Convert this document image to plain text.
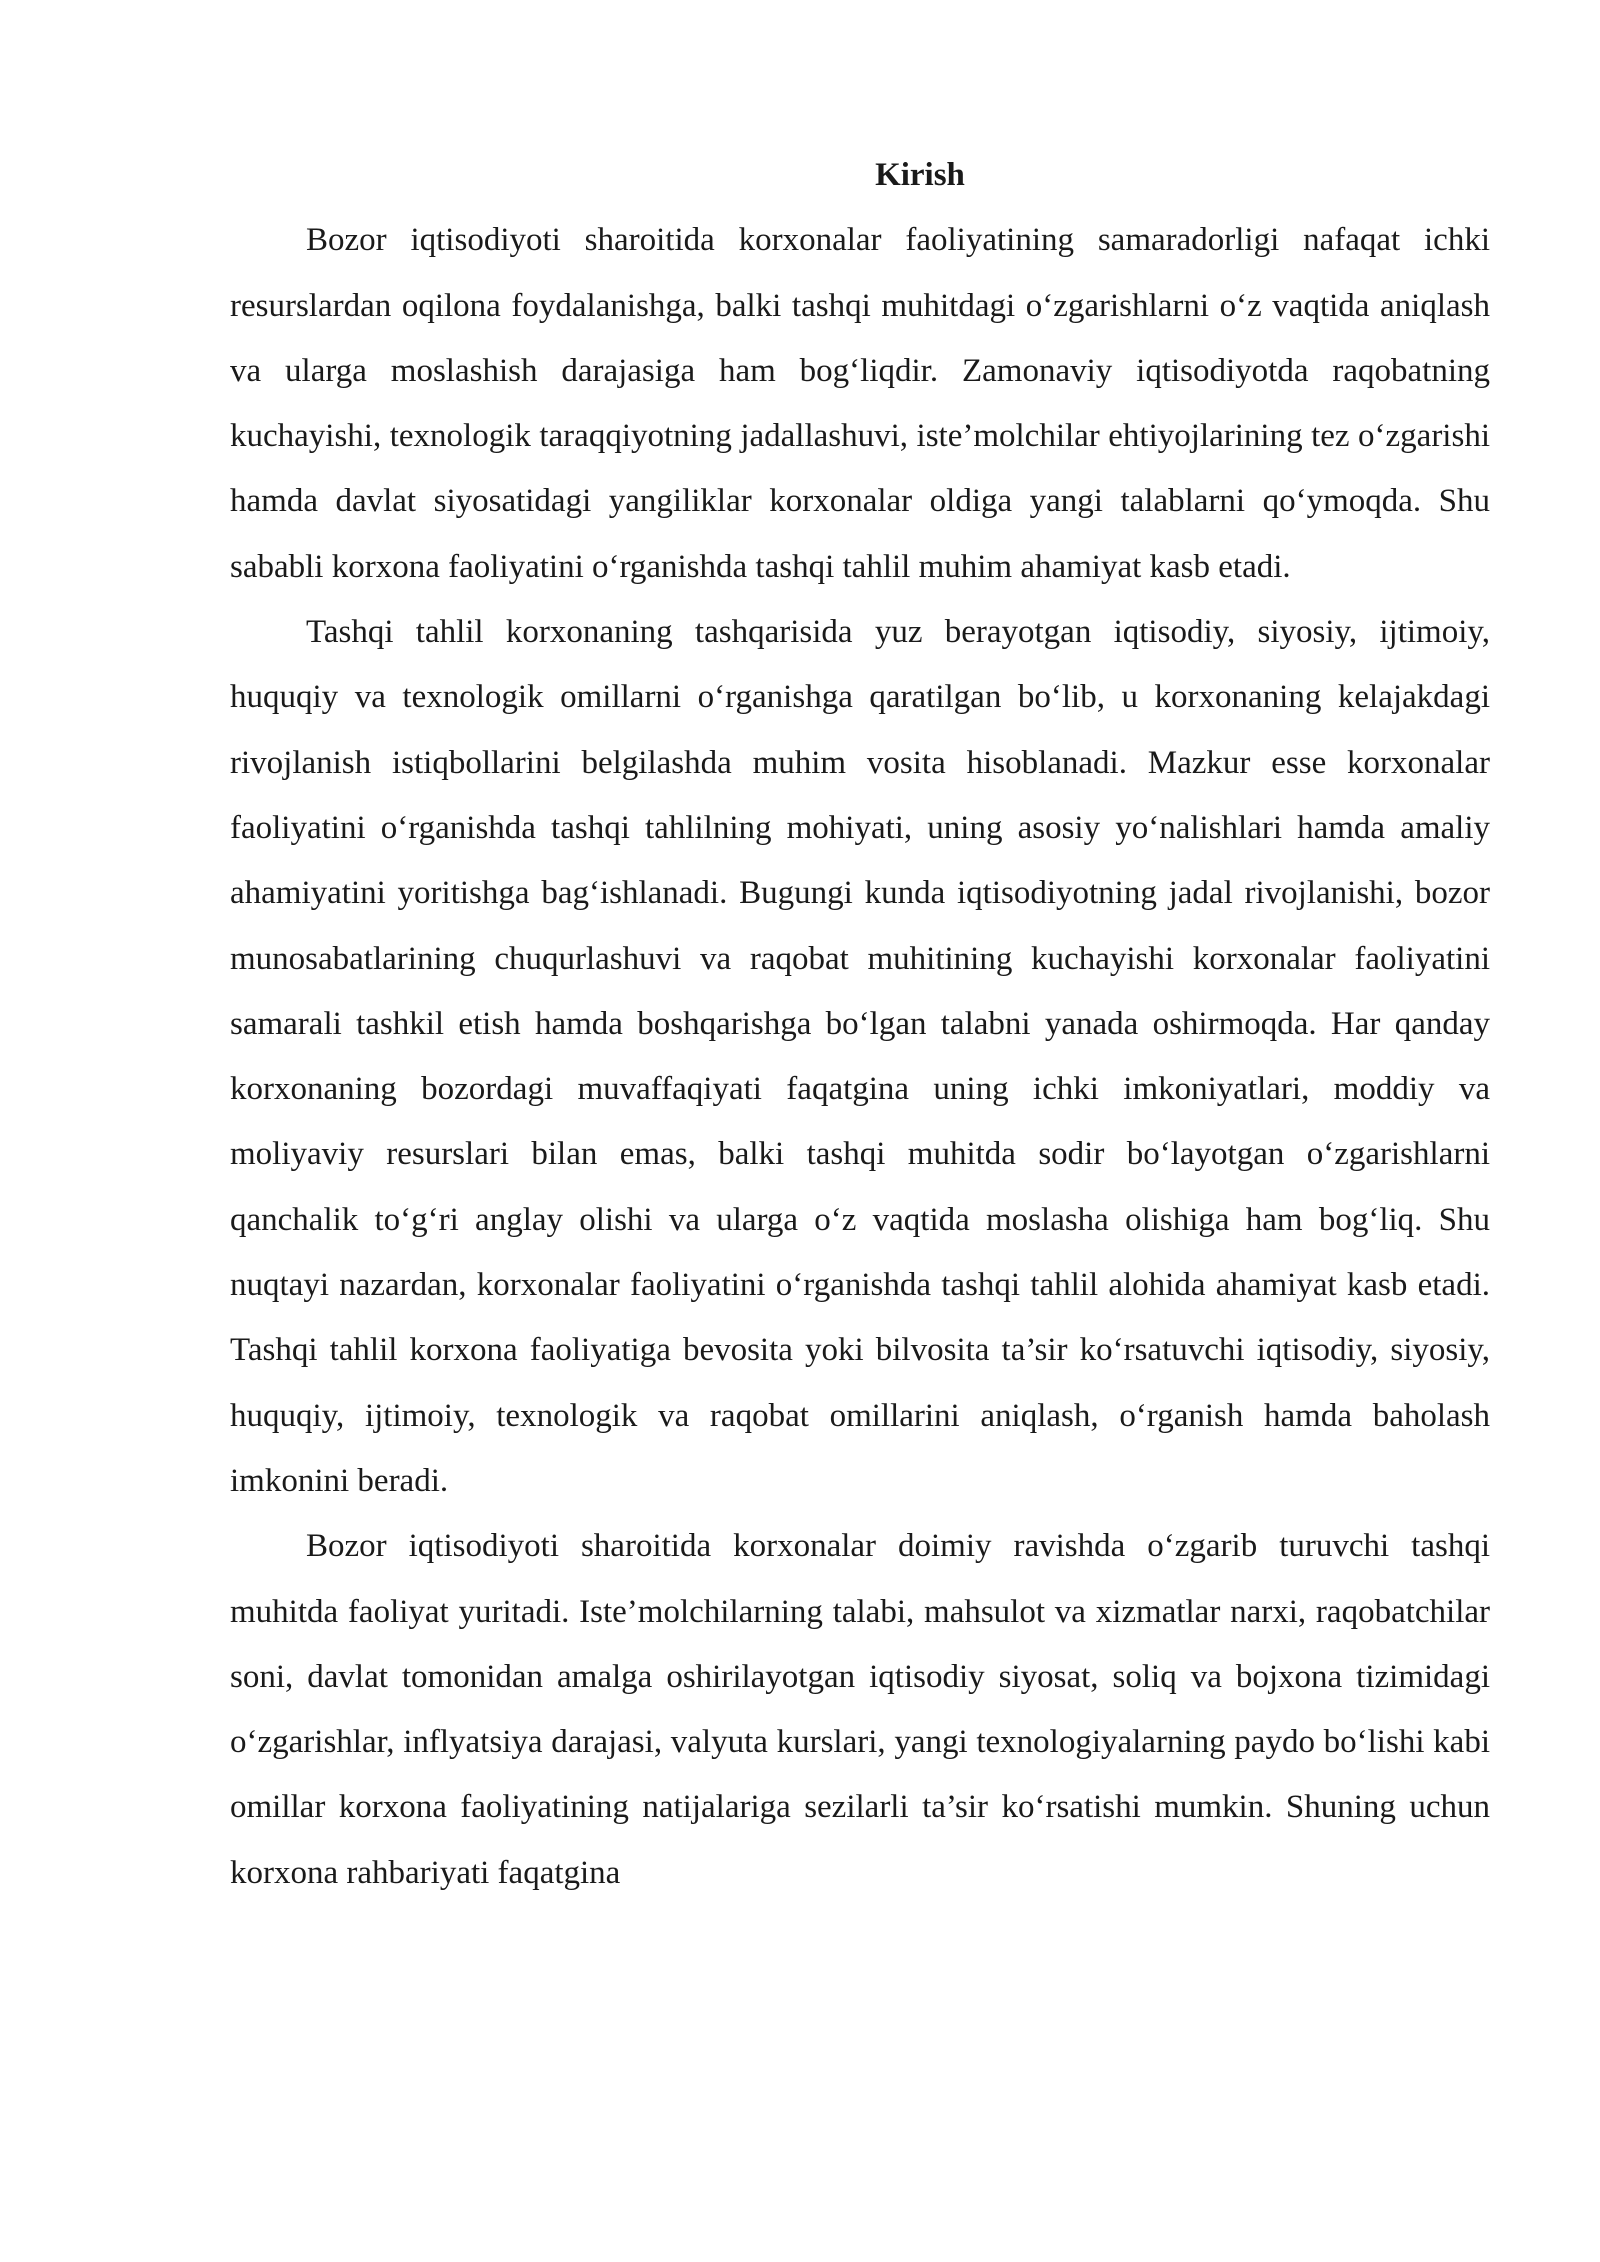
Kirish

Bozor iqtisodiyoti sharoitida korxonalar faoliyatining samaradorligi nafaqat ichki resurslardan oqilona foydalanishga, balki tashqi muhitdagi o‘zgarishlarni o‘z vaqtida aniqlash va ularga moslashish darajasiga ham bog‘liqdir. Zamonaviy iqtisodiyotda raqobatning kuchayishi, texnologik taraqqiyotning jadallashuvi, iste’molchilar ehtiyojlarining tez o‘zgarishi hamda davlat siyosatidagi yangiliklar korxonalar oldiga yangi talablarni qo‘ymoqda. Shu sababli korxona faoliyatini o‘rganishda tashqi tahlil muhim ahamiyat kasb etadi.

Tashqi tahlil korxonaning tashqarisida yuz berayotgan iqtisodiy, siyosiy, ijtimoiy, huquqiy va texnologik omillarni o‘rganishga qaratilgan bo‘lib, u korxonaning kelajakdagi rivojlanish istiqbollarini belgilashda muhim vosita hisoblanadi. Mazkur esse korxonalar faoliyatini o‘rganishda tashqi tahlilning mohiyati, uning asosiy yo‘nalishlari hamda amaliy ahamiyatini yoritishga bag‘ishlanadi. Bugungi kunda iqtisodiyotning jadal rivojlanishi, bozor munosabatlarining chuqurlashuvi va raqobat muhitining kuchayishi korxonalar faoliyatini samarali tashkil etish hamda boshqarishga bo‘lgan talabni yanada oshirmoqda. Har qanday korxonaning bozordagi muvaffaqiyati faqatgina uning ichki imkoniyatlari, moddiy va moliyaviy resurslari bilan emas, balki tashqi muhitda sodir bo‘layotgan o‘zgarishlarni qanchalik to‘g‘ri anglay olishi va ularga o‘z vaqtida moslasha olishiga ham bog‘liq. Shu nuqtayi nazardan, korxonalar faoliyatini o‘rganishda tashqi tahlil alohida ahamiyat kasb etadi. Tashqi tahlil korxona faoliyatiga bevosita yoki bilvosita ta’sir ko‘rsatuvchi iqtisodiy, siyosiy, huquqiy, ijtimoiy, texnologik va raqobat omillarini aniqlash, o‘rganish hamda baholash imkonini beradi.

Bozor iqtisodiyoti sharoitida korxonalar doimiy ravishda o‘zgarib turuvchi tashqi muhitda faoliyat yuritadi. Iste’molchilarning talabi, mahsulot va xizmatlar narxi, raqobatchilar soni, davlat tomonidan amalga oshirilayotgan iqtisodiy siyosat, soliq va bojxona tizimidagi o‘zgarishlar, inflyatsiya darajasi, valyuta kurslari, yangi texnologiyalarning paydo bo‘lishi kabi omillar korxona faoliyatining natijalariga sezilarli ta’sir ko‘rsatishi mumkin. Shuning uchun korxona rahbariyati faqatgina
